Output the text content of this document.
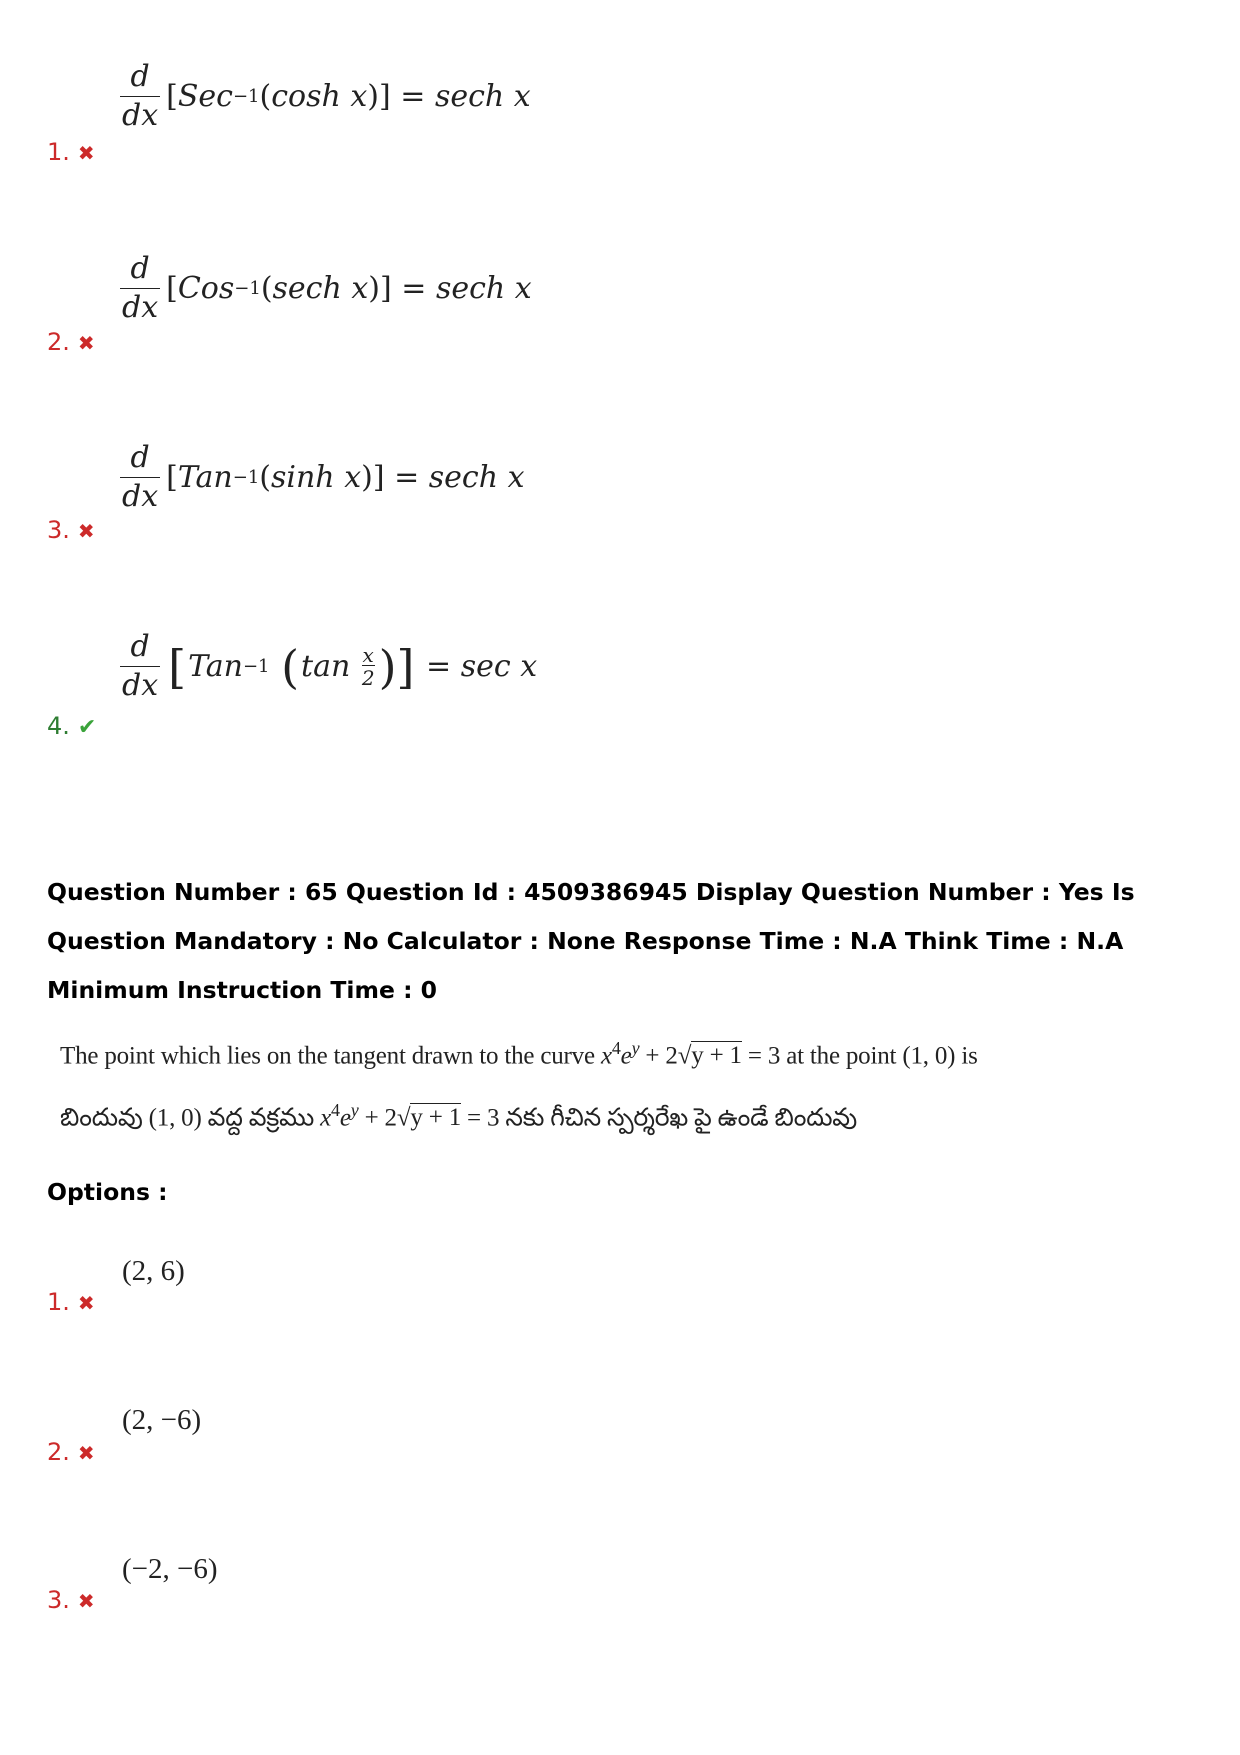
$\frac{d}{dx}$ [ Sec −1 ( cosh
x )]
=
sech x
1. ✖
$\frac{d}{dx}$ [ Cos −1 ( sech
x )]
=
sech x
2. ✖
$\frac{d}{dx}$ [ Tan −1 ( sinh
x )]
=
sech x
3. ✖
$\frac{d}{dx}$ [ Tan −1
( tan
x
2 )]
=
sec x
4. ✔
Question Number : 65 Question Id : 4509386945 Display Question Number : Yes Is Question Mandatory : No Calculator : None Response Time : N.A Think Time : N.A Minimum Instruction Time : 0
The point which lies on the tangent drawn to the curve $x^4e^y + 2√y + 1 = 3$ at the point (1, 0) is
బిందువు (1, 0) వద్ద వక్రము $x^4e^y + 2√y + 1 = 3$ నకు గీచిన స్పర్శరేఖ పై ఉండే బిందువు
Options :
(2, 6)
1. ✖
(2, −6)
2. ✖
(−2, −6)
3. ✖
